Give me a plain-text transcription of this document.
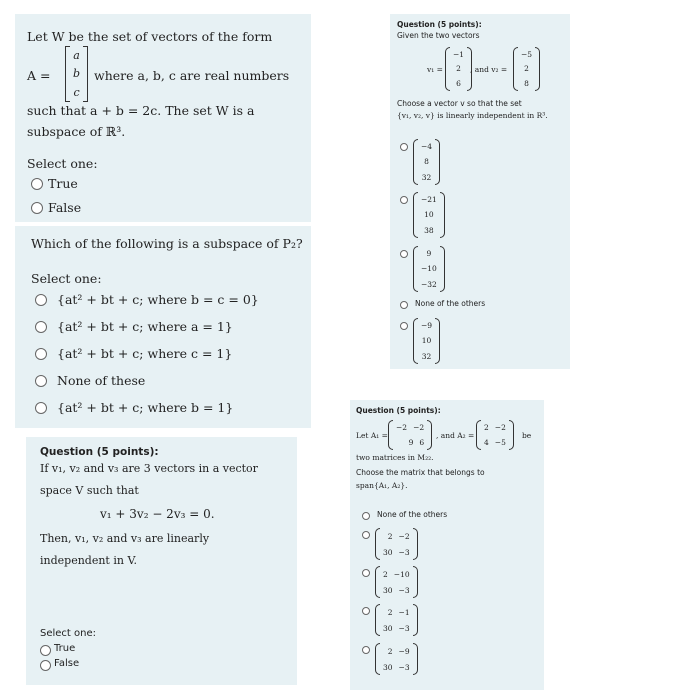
Let W be the set of vectors of the form
A =
a
b
c
where a, b, c are real numbers
such that a + b = 2c. The set W is a
subspace of ℝ³.
Select one:
True
False
Which of the following is a subspace of P₂?
Select one:
{at² + bt + c; where b = c = 0}
{at² + bt + c; where a = 1}
{at² + bt + c; where c = 1}
None of these
{at² + bt + c; where b = 1}
Question (5 points):
If v₁, v₂ and v₃ are 3 vectors in a vector
space V such that
v₁ + 3v₂ − 2v₃ = 0.
Then, v₁, v₂ and v₃ are linearly
independent in V.
Select one:
True
False
Question (5 points):
Given the two vectors
v₁ =
−1
2
6
, and v₂ =
−5
2
8
Choose a vector v so that the set
{v₁, v₂, v} is linearly independent in R³.
−4
8
32
−21
10
38
9
−10
−32
None of the others
−9
10
32
Question (5 points):
Let A₁ =
−2 −2
9 6
, and A₂ =
2 −2
4 −5
be
two matrices in M₂₂.
Choose the matrix that belongs to
span{A₁, A₂}.
None of the others
2 −2
30 −3
2 −10
30 −3
2 −1
30 −3
2 −9
30 −3
